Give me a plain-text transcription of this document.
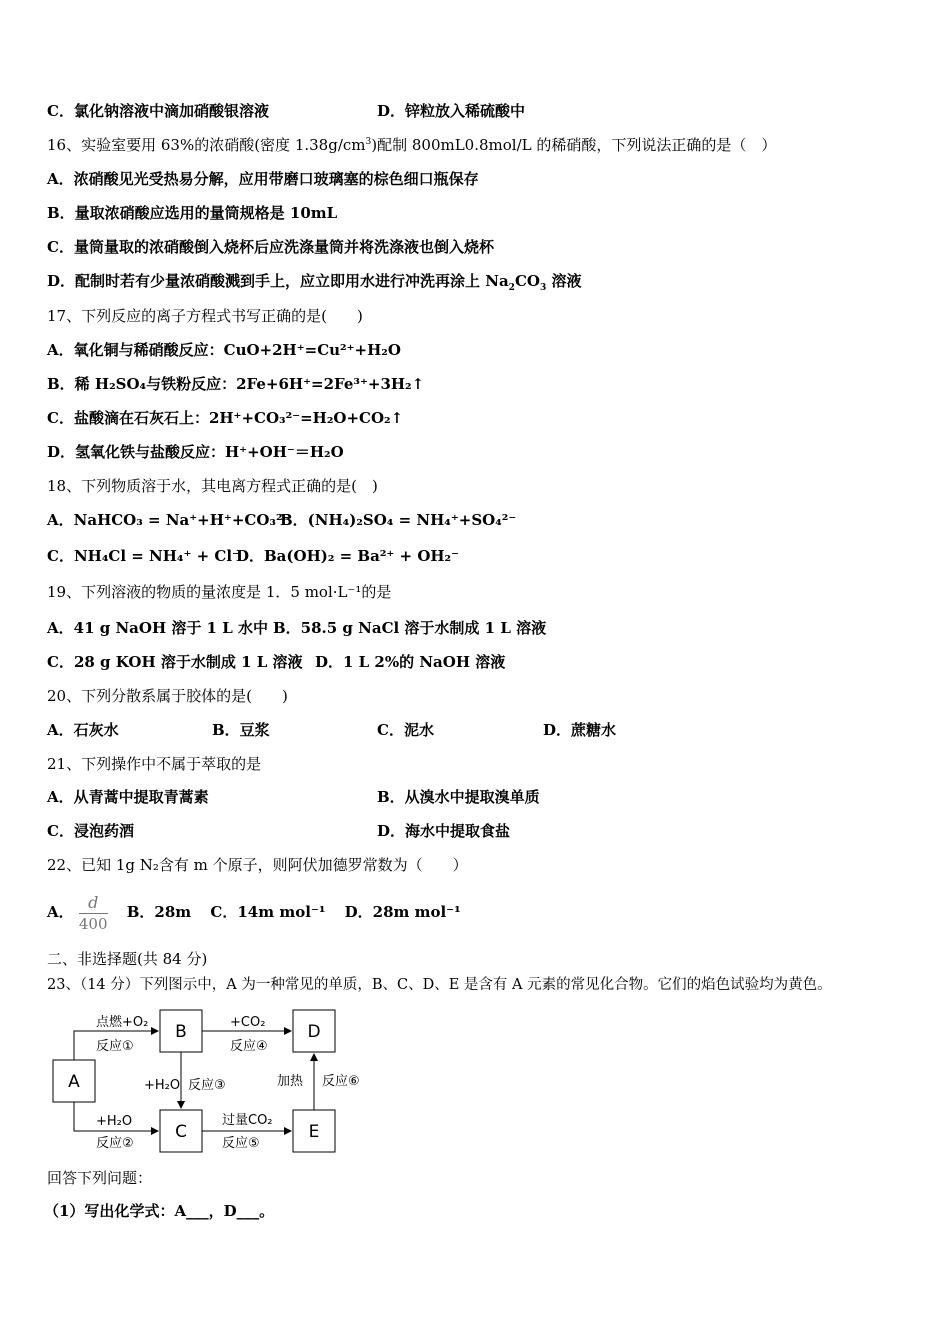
C．氯化钠溶液中滴加硝酸银溶液	D．锌粒放入稀硫酸中
16、实验室要用 63%的浓硝酸(密度 $1.38g/cm^3$)配制 800mL0.8mol/L 的稀硝酸，下列说法正确的是（　）
A．浓硝酸见光受热易分解，应用带磨口玻璃塞的棕色细口瓶保存
B．量取浓硝酸应选用的量筒规格是 10mL
C．量筒量取的浓硝酸倒入烧杯后应洗涤量筒并将洗涤液也倒入烧杯
D．配制时若有少量浓硝酸溅到手上，应立即用水进行冲洗再涂上 $Na_2CO_3$ 溶液
17、下列反应的离子方程式书写正确的是(　　)
A．氧化铜与稀硝酸反应：CuO+2H⁺=Cu²⁺+H₂O
B．稀 H₂SO₄与铁粉反应：2Fe+6H⁺=2Fe³⁺+3H₂↑
C．盐酸滴在石灰石上：2H⁺+CO₃²⁻=H₂O+CO₂↑
D．氢氧化铁与盐酸反应：H⁺+OH⁻＝H₂O
18、下列物质溶于水，其电离方程式正确的是(　)
A．NaHCO₃ = Na⁺+H⁺+CO₃²⁻
B．(NH₄)₂SO₄ = NH₄⁺+SO₄²⁻
C．NH₄Cl = NH₄⁺ + Cl⁻
D．Ba(OH)₂ = Ba²⁺ + OH₂⁻
19、下列溶液的物质的量浓度是 1．5 mol·L⁻¹的是
A．41 g NaOH 溶于 1 L 水中 B．58.5 g NaCl 溶于水制成 1 L 溶液
C．28 g KOH 溶于水制成 1 L 溶液 D．1 L 2%的 NaOH 溶液
20、下列分散系属于胶体的是(　　)
A．石灰水	B．豆浆	C．泥水	D．蔗糖水
21、下列操作中不属于萃取的是
A．从青蒿中提取青蒿素	B．从溴水中提取溴单质
C．浸泡药酒	D．海水中提取食盐
22、已知 1g N₂含有 m 个原子，则阿伏加德罗常数为（　　）
A． $\frac{d}{400}$ B．28m C．14m mol⁻¹ D．28m mol⁻¹
二、非选择题(共 84 分)
23、（14 分）下列图示中，A 为一种常见的单质，B、C、D、E 是含有 A 元素的常见化合物。它们的焰色试验均为黄色。
A
B
C
D
E
点燃+O₂
反应①
+H₂O
反应②
+H₂O 反应③
+CO₂
反应④
过量CO₂
反应⑤
加热 反应⑥
回答下列问题：
（1）写出化学式：A___，D___。
